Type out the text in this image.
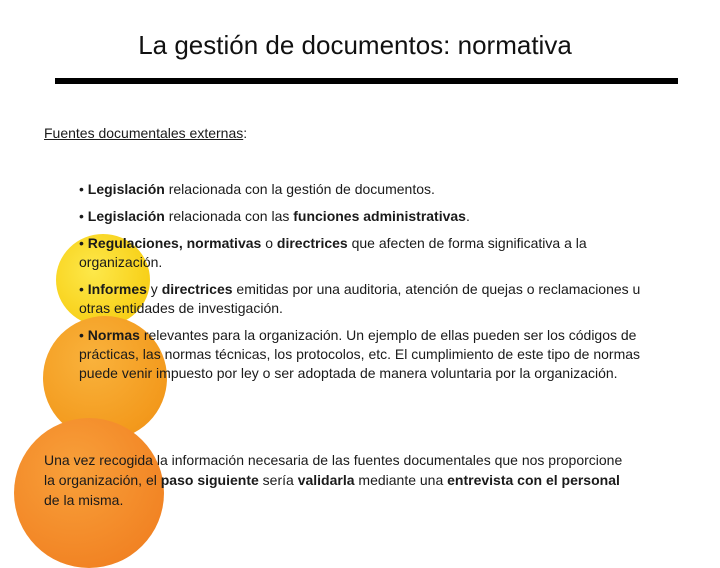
La gestión de documentos: normativa
Fuentes documentales externas:

• Legislación relacionada con la gestión de documentos.

• Legislación relacionada con las funciones administrativas.

• Regulaciones, normativas o directrices que afecten de forma significativa a la organización.

• Informes y directrices emitidas por una auditoria, atención de quejas o reclamaciones u otras entidades de investigación.

• Normas relevantes para la organización. Un ejemplo de ellas pueden ser los códigos de prácticas, las normas técnicas, los protocolos, etc. El cumplimiento de este tipo de normas puede venir impuesto por ley o ser adoptada de manera voluntaria por la organización.

Una vez recogida la información necesaria de las fuentes documentales que nos proporcione la organización, el paso siguiente sería validarla mediante una entrevista con el personal de la misma.
